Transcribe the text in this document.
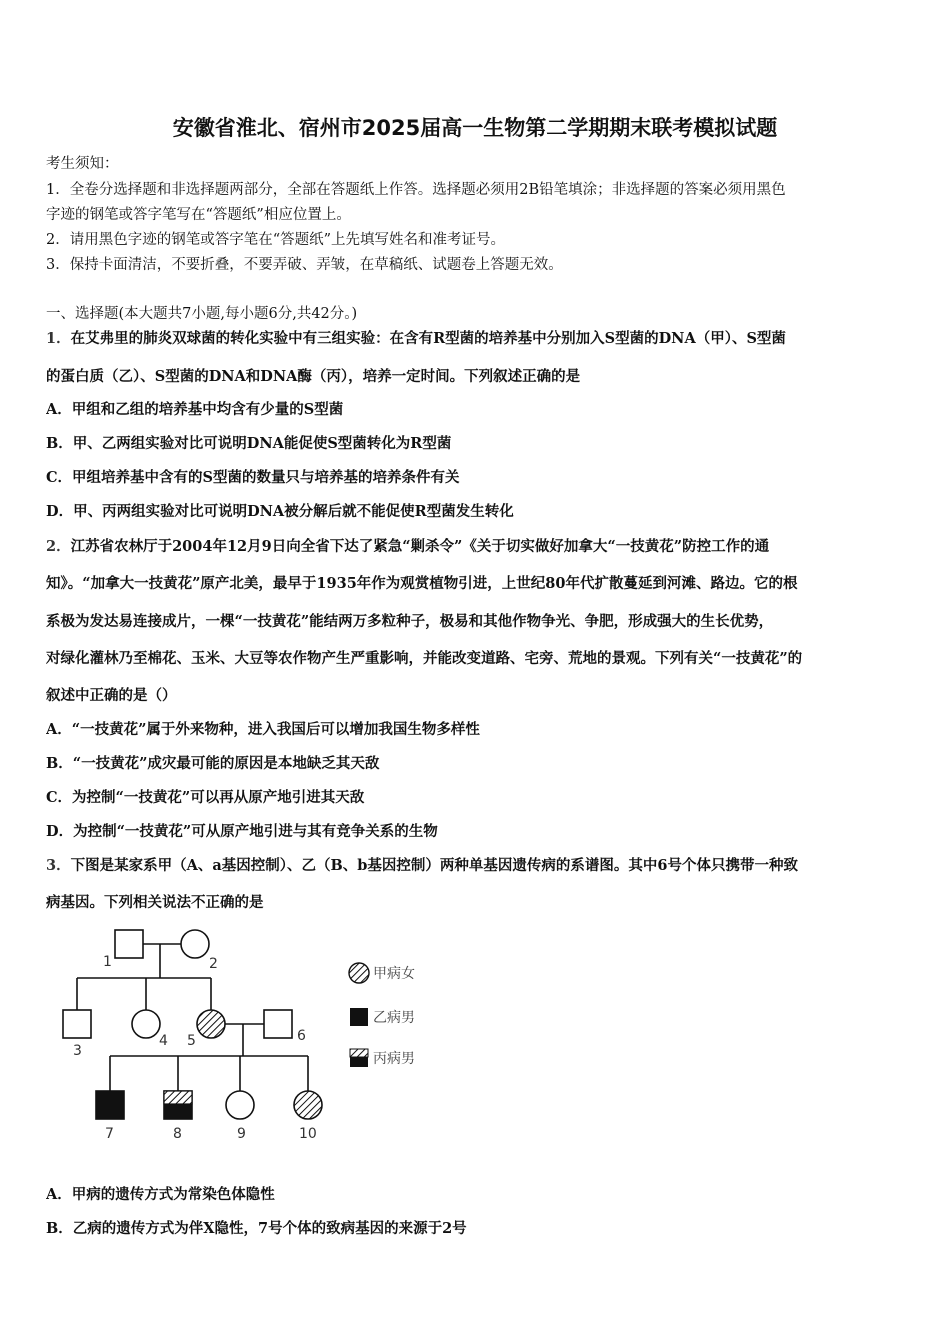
安徽省淮北、宿州市2025届高一生物第二学期期末联考模拟试题
考生须知：
1．全卷分选择题和非选择题两部分，全部在答题纸上作答。选择题必须用2B铅笔填涂；非选择题的答案必须用黑色
字迹的钢笔或答字笔写在“答题纸”相应位置上。
2．请用黑色字迹的钢笔或答字笔在“答题纸”上先填写姓名和准考证号。
3．保持卡面清洁，不要折叠，不要弄破、弄皱，在草稿纸、试题卷上答题无效。
一、选择题(本大题共7小题,每小题6分,共42分。)
1．在艾弗里的肺炎双球菌的转化实验中有三组实验：在含有R型菌的培养基中分别加入S型菌的DNA（甲）、S型菌
的蛋白质（乙）、S型菌的DNA和DNA酶（丙），培养一定时间。下列叙述正确的是
A．甲组和乙组的培养基中均含有少量的S型菌
B．甲、乙两组实验对比可说明DNA能促使S型菌转化为R型菌
C．甲组培养基中含有的S型菌的数量只与培养基的培养条件有关
D．甲、丙两组实验对比可说明DNA被分解后就不能促使R型菌发生转化
2．江苏省农林厅于2004年12月9日向全省下达了紧急“剿杀令”《关于切实做好加拿大“一技黄花”防控工作的通
知》。“加拿大一技黄花”原产北美，最早于1935年作为观赏植物引进，上世纪80年代扩散蔓延到河滩、路边。它的根
系极为发达易连接成片，一棵“一技黄花”能结两万多粒种子，极易和其他作物争光、争肥，形成强大的生长优势，
对绿化灌林乃至棉花、玉米、大豆等农作物产生严重影响，并能改变道路、宅旁、荒地的景观。下列有关“一技黄花”的
叙述中正确的是（）
A．“一技黄花”属于外来物种，进入我国后可以增加我国生物多样性
B．“一技黄花”成灾最可能的原因是本地缺乏其天敌
C．为控制“一技黄花”可以再从原产地引进其天敌
D．为控制“一技黄花”可从原产地引进与其有竞争关系的生物
3．下图是某家系甲（A、a基因控制）、乙（B、b基因控制）两种单基因遗传病的系谱图。其中6号个体只携带一种致
病基因。下列相关说法不正确的是
1	2
3
4 5	6
7	8	9	10
甲病女
乙病男
丙病男
A．甲病的遗传方式为常染色体隐性
B．乙病的遗传方式为伴X隐性，7号个体的致病基因的来源于2号
